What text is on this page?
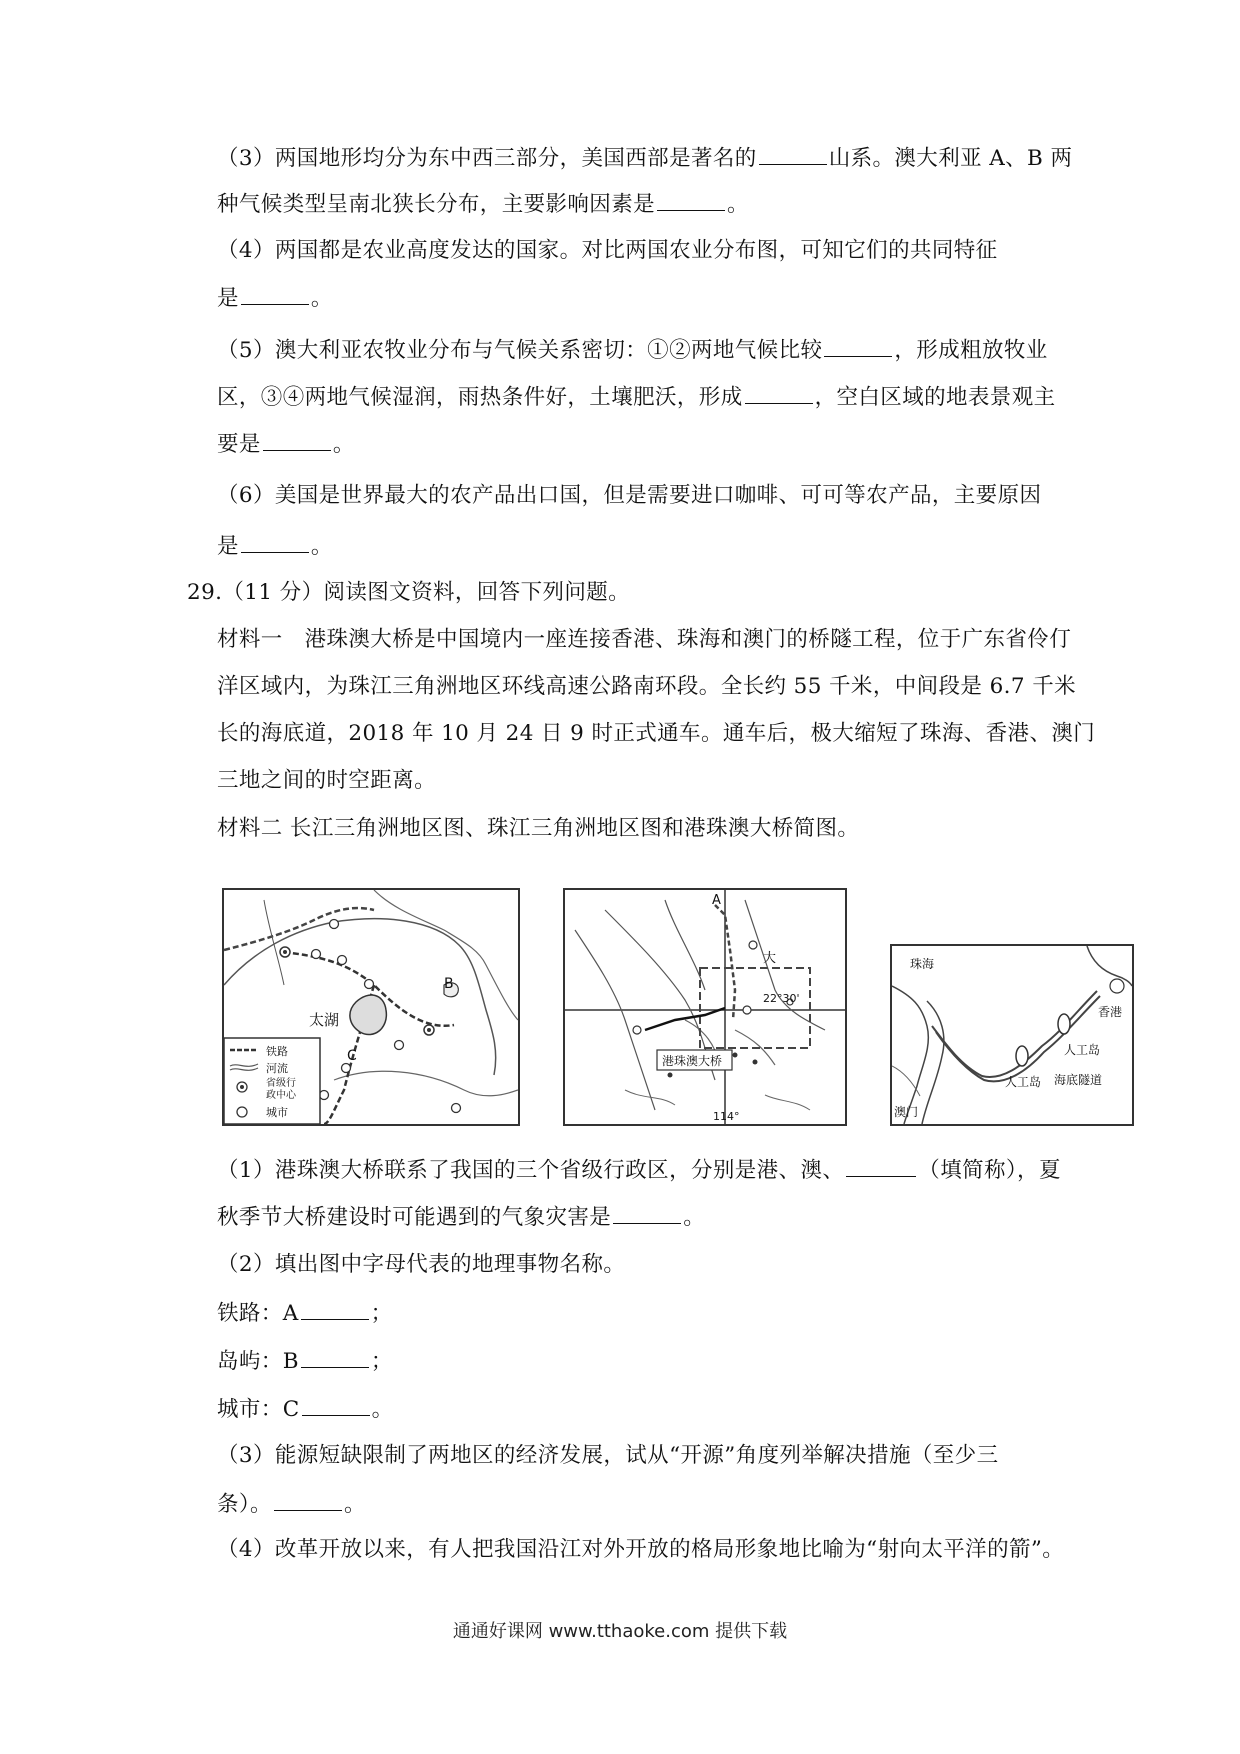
（3）两国地形均分为东中西三部分，美国西部是著名的	山系。澳大利亚 A、B 两
种气候类型呈南北狭长分布，主要影响因素是	。
（4）两国都是农业高度发达的国家。对比两国农业分布图，可知它们的共同特征
是	。
（5）澳大利亚农牧业分布与气候关系密切：①②两地气候比较	，形成粗放牧业
区，③④两地气候湿润，雨热条件好，土壤肥沃，形成	，空白区域的地表景观主
要是	。
（6）美国是世界最大的农产品出口国，但是需要进口咖啡、可可等农产品，主要原因
是	。
29.（11 分）阅读图文资料，回答下列问题。
材料一　港珠澳大桥是中国境内一座连接香港、珠海和澳门的桥隧工程，位于广东省伶仃
洋区域内，为珠江三角洲地区环线高速公路南环段。全长约 55 千米，中间段是 6.7 千米
长的海底道，2018 年 10 月 24 日 9 时正式通车。通车后，极大缩短了珠海、香港、澳门
三地之间的时空距离。
材料二 长江三角洲地区图、珠江三角洲地区图和港珠澳大桥简图。
太湖
B
C
铁路
河流
省级行
政中心
城市
A
大
22°30'
114°
港珠澳大桥
珠海
香港
澳门
人工岛
人工岛 海底隧道
（1）港珠澳大桥联系了我国的三个省级行政区，分别是港、澳、	（填简称），夏
秋季节大桥建设时可能遇到的气象灾害是	。
（2）填出图中字母代表的地理事物名称。
铁路：A	；
岛屿：B	；
城市：C	。
（3）能源短缺限制了两地区的经济发展，试从“开源”角度列举解决措施（至少三
条）。	。
（4）改革开放以来，有人把我国沿江对外开放的格局形象地比喻为“射向太平洋的箭”。
通通好课网 www.tthaoke.com 提供下载
